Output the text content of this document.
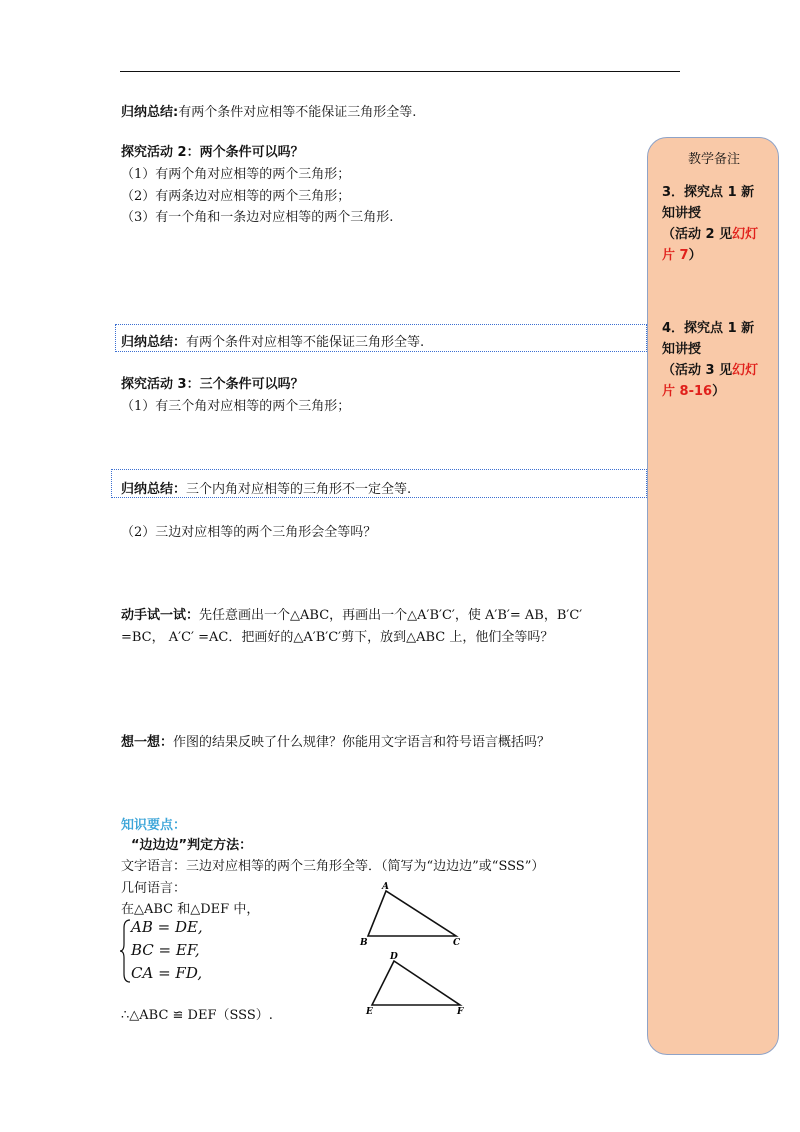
归纳总结:有两个条件对应相等不能保证三角形全等.
探究活动 2：两个条件可以吗？
（1）有两个角对应相等的两个三角形；
（2）有两条边对应相等的两个三角形；
（3）有一个角和一条边对应相等的两个三角形.
归纳总结：有两个条件对应相等不能保证三角形全等.
探究活动 3：三个条件可以吗？
（1）有三个角对应相等的两个三角形；
归纳总结：三个内角对应相等的三角形不一定全等.
（2）三边对应相等的两个三角形会全等吗？
动手试一试：先任意画出一个△ABC，再画出一个△A′B′C′，使 A′B′= AB，B′C′
=BC， A′C′ =AC．把画好的△A′B′C′剪下，放到△ABC 上，他们全等吗？
想一想：作图的结果反映了什么规律？你能用文字语言和符号语言概括吗？
知识要点：
“边边边”判定方法：
文字语言：三边对应相等的两个三角形全等．（简写为“边边边”或“SSS”）
几何语言：
在△ABC 和△DEF 中，
AB = DE,
BC = EF,
CA = FD,
∴△ABC ≌ DEF（SSS）.
A
B	C
D
E	F
教学备注
3．探究点 1 新
知讲授
（活动 2 见幻灯
片 7）
4．探究点 1 新
知讲授
（活动 3 见幻灯
片 8-16）
